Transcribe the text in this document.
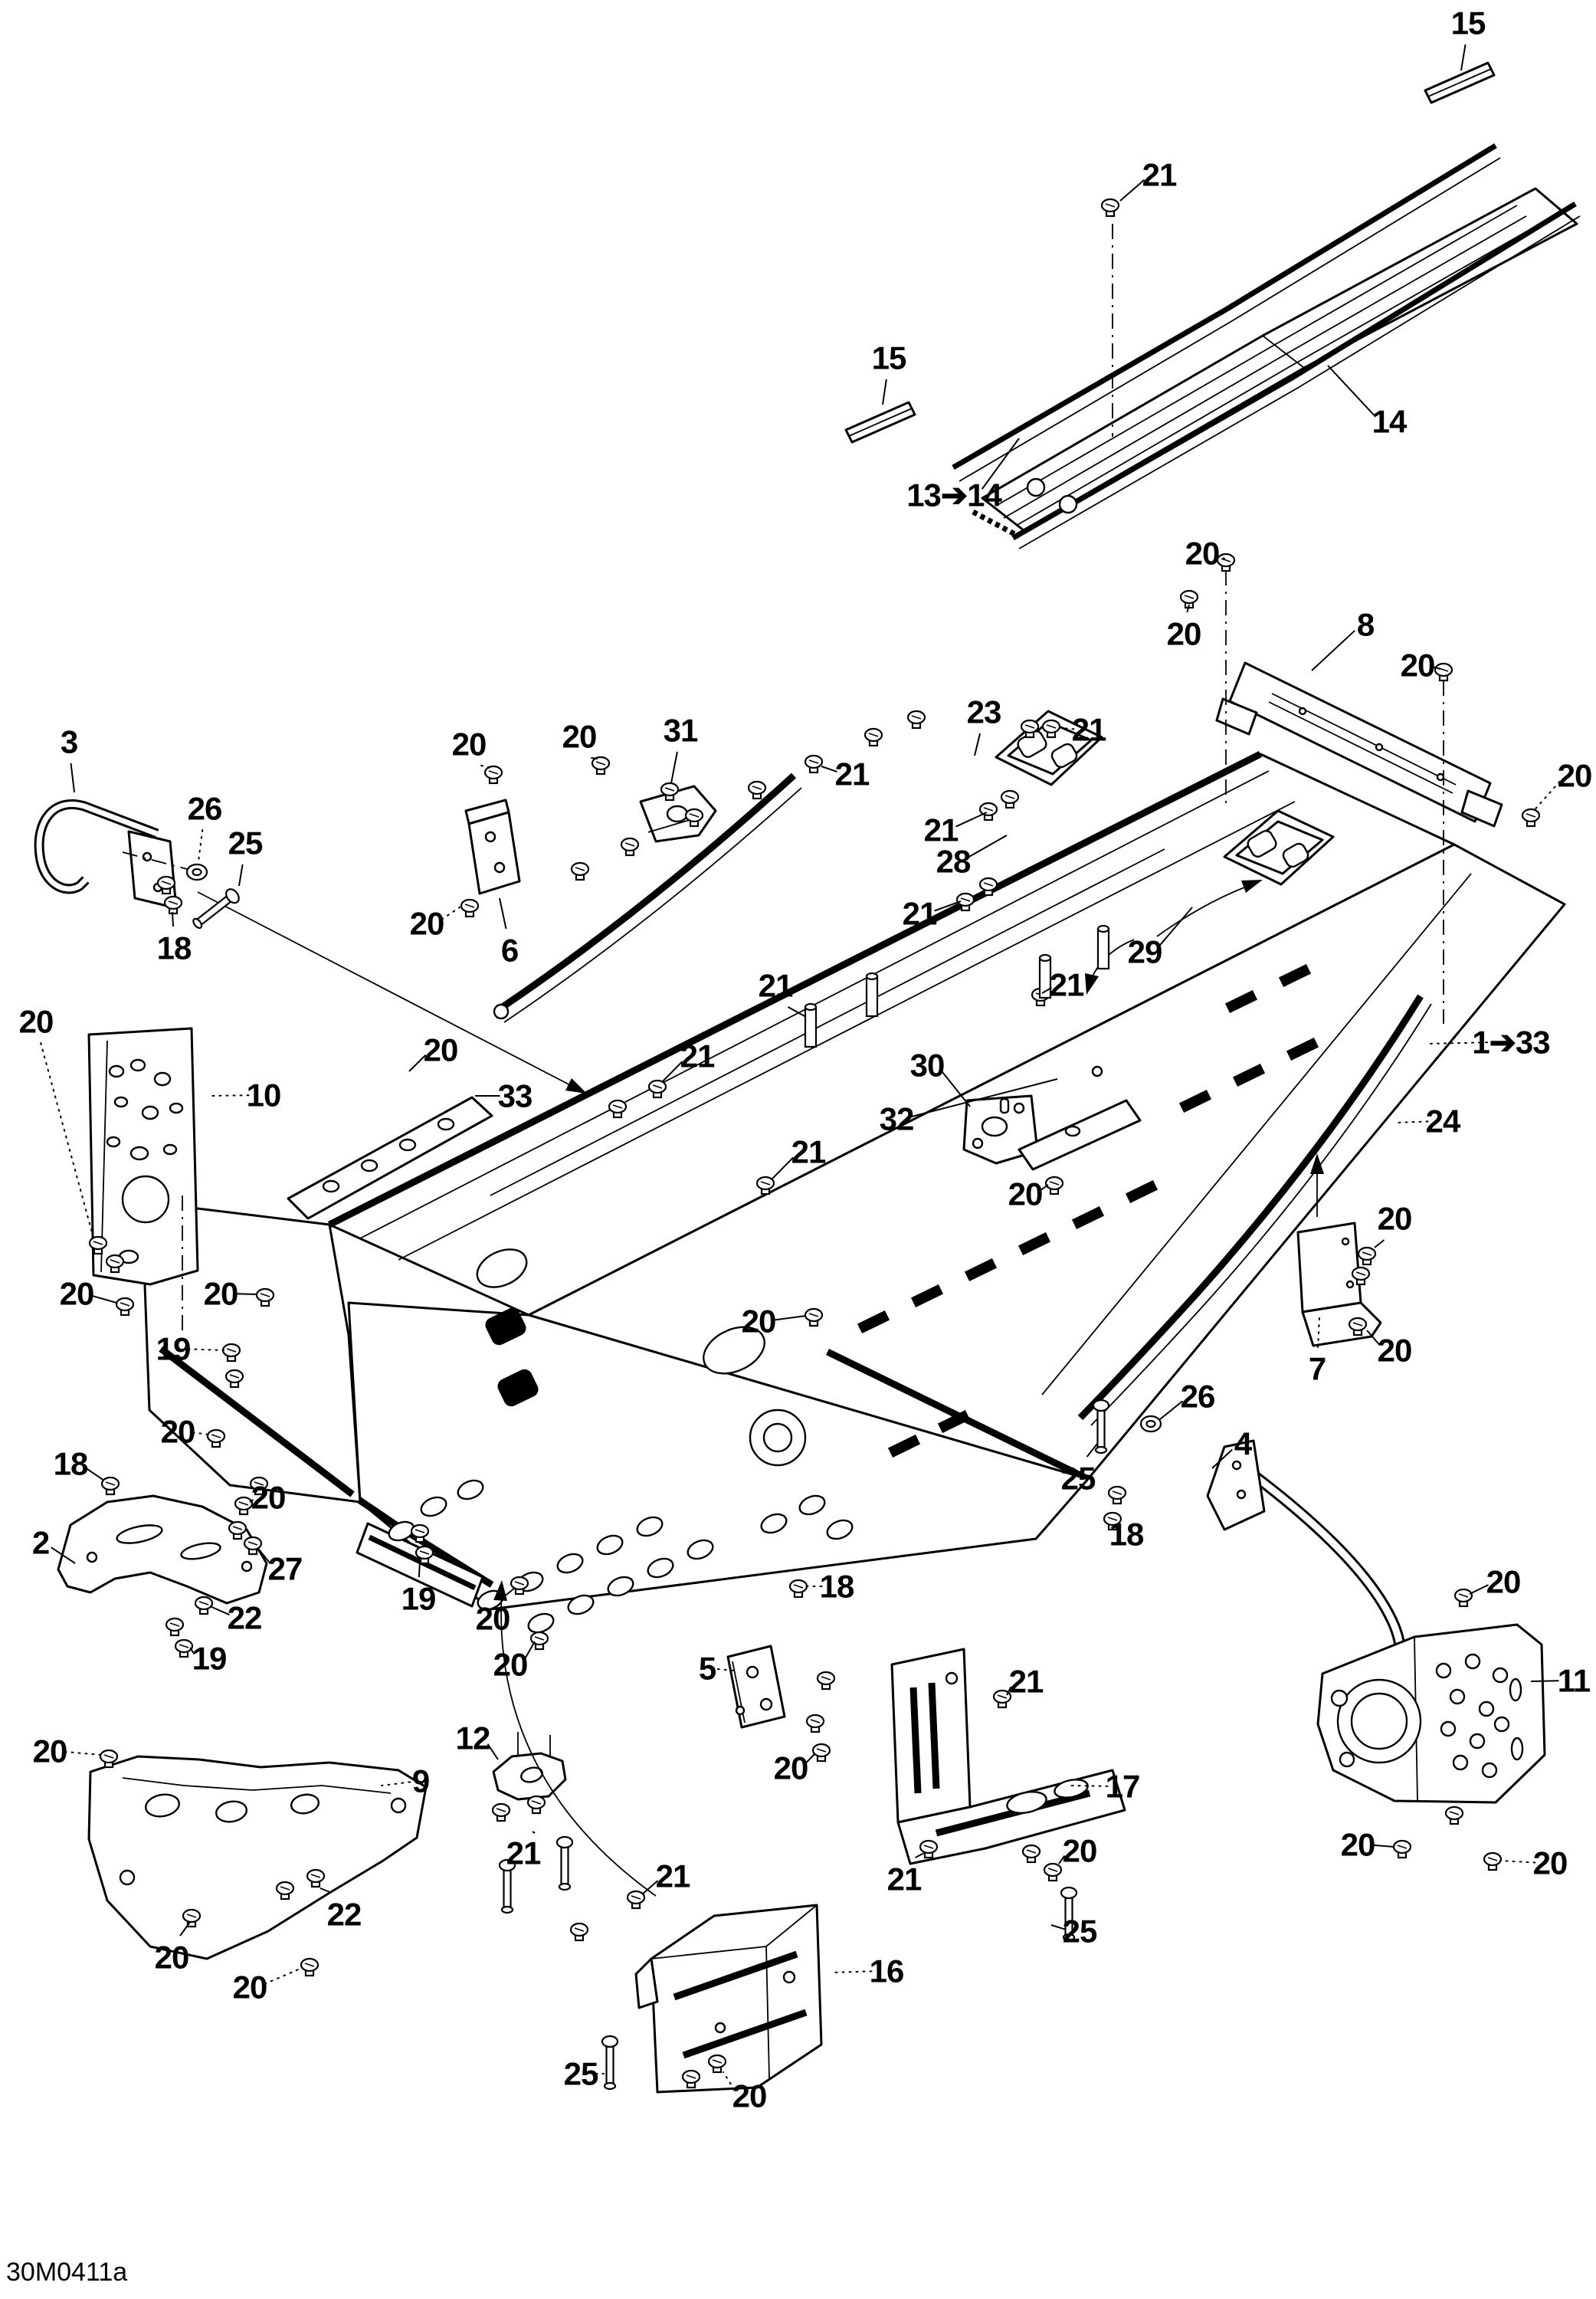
15
21
15
14
13➔14
20
20	8
20
20
20 20 31
23
21
21
21
28
21
20
6
21
3
26
25
18
20
10
20
33
20	20
19
21	30
32
21
20
29
21
1➔33
24
20
20
7
20
26
4
25
18
20
18
20
2
27
22
19
19
20
9
20
20
18
5
12
20
21
21
22
20
20	16
25
20
21
17
21
20
25
20
11
20
20
30M0411a
